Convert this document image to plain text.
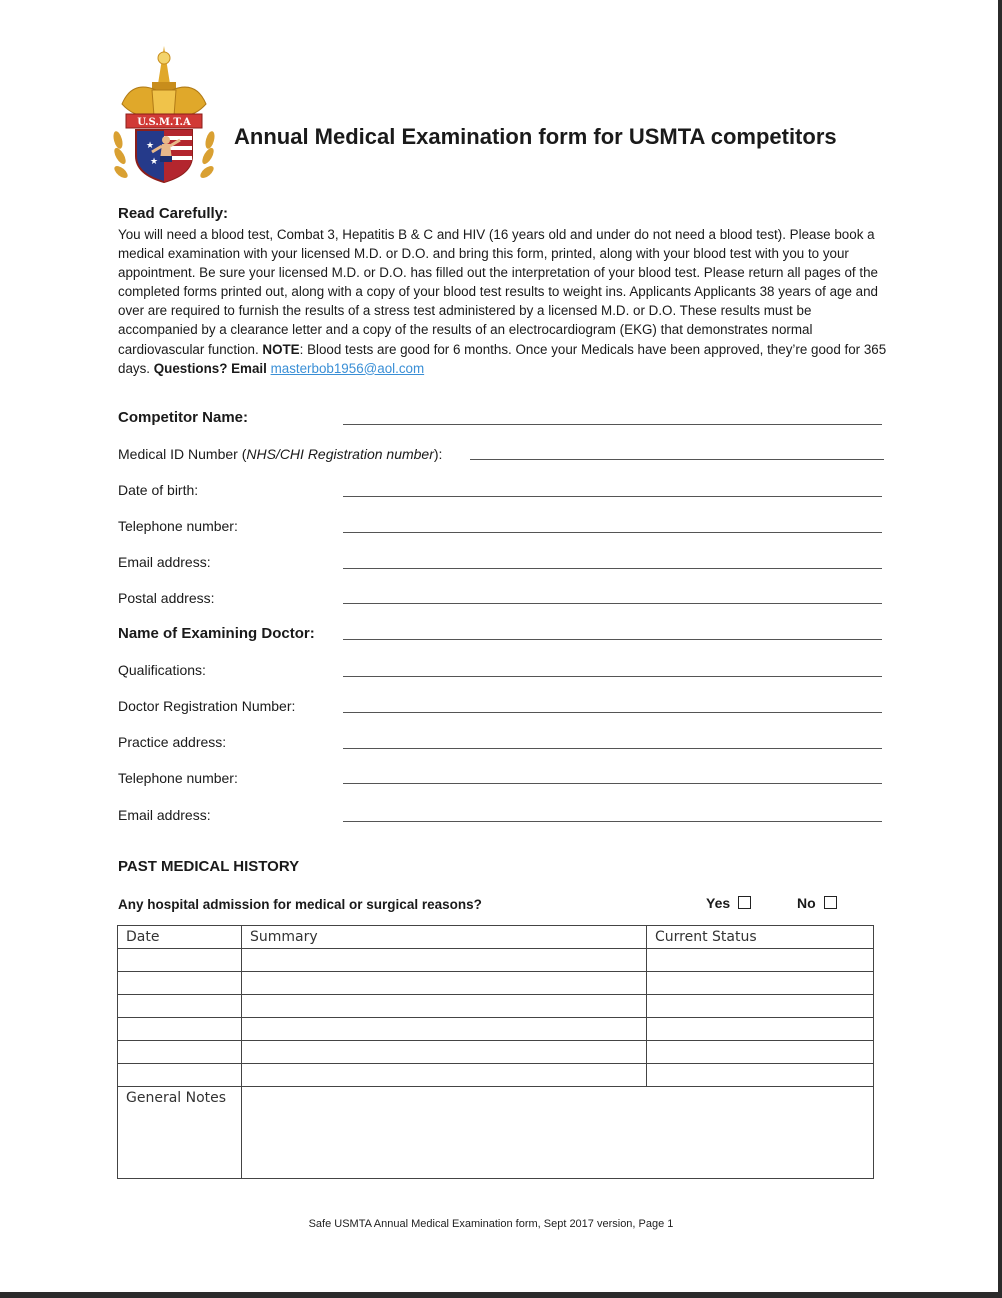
U.S.M.T.A
★
★
Annual Medical Examination form for USMTA competitors
Read Carefully:
You will need a blood test, Combat 3, Hepatitis B & C and HIV (16 years old and under do not need a blood test). Please book a medical examination with your licensed M.D. or D.O. and bring this form, printed, along with your blood test with you to your appointment. Be sure your licensed M.D. or D.O. has filled out the interpretation of your blood test. Please return all pages of the completed forms printed out, along with a copy of your blood test results to weight ins. Applicants Applicants 38 years of age and over are required to furnish the results of a stress test administered by a licensed M.D. or D.O. These results must be accompanied by a clearance letter and a copy of the results of an electrocardiogram (EKG) that demonstrates normal cardiovascular function. NOTE: Blood tests are good for 6 months. Once your Medicals have been approved, they’re good for 365 days. Questions? Email masterbob1956@aol.com
Competitor Name:
Medical ID Number (NHS/CHI Registration number):
Date of birth:
Telephone number:
Email address:
Postal address:
Name of Examining Doctor:
Qualifications:
Doctor Registration Number:
Practice address:
Telephone number:
Email address:
PAST MEDICAL HISTORY
Any hospital admission for medical or surgical reasons?	Yes	No
Date	Summary	Current Status

General Notes		
Safe USMTA Annual Medical Examination form, Sept 2017 version, Page 1
